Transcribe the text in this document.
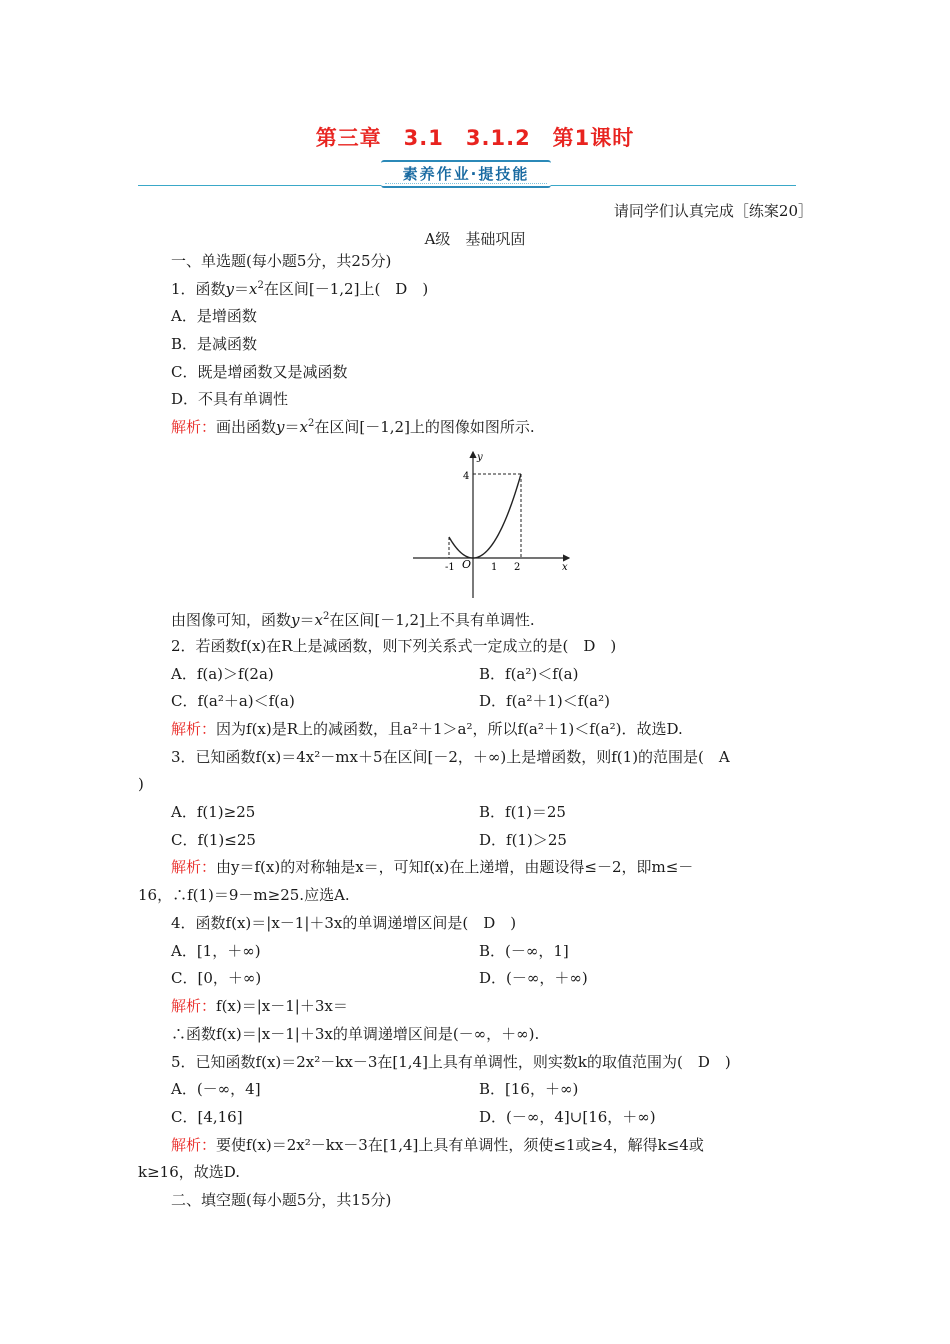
第三章　3.1　3.1.2　第1课时
素养作业·提技能
请同学们认真完成［练案20］
A级　基础巩固
一、单选题(每小题5分，共25分)
1．函数$y=x^2$在区间[－1,2]上(　D　)
A．是增函数
B．是减函数
C．既是增函数又是减函数
D．不具有单调性
解析：画出函数$y=x^2$在区间[－1,2]上的图像如图所示.
y
x
O
-1	1 2
4
由图像可知，函数$y=x^2$在区间[－1,2]上不具有单调性.
2．若函数f(x)在R上是减函数，则下列关系式一定成立的是(　D　)
A．f(a)＞f(2a)	B．f(a²)＜f(a)
C．f(a²＋a)＜f(a)	D．f(a²＋1)＜f(a²)
解析：因为f(x)是R上的减函数，且a²＋1＞a²，所以f(a²＋1)＜f(a²)．故选D.
3．已知函数f(x)＝4x²－mx＋5在区间[－2，＋∞)上是增函数，则f(1)的范围是(　A
)
A．f(1)≥25	B．f(1)＝25
C．f(1)≤25	D．f(1)＞25
解析：由y＝f(x)的对称轴是x＝，可知f(x)在上递增，由题设得≤－2，即m≤－
16，∴f(1)＝9－m≥25.应选A.
4．函数f(x)＝|x－1|＋3x的单调递增区间是(　D　)
A．[1，＋∞)	B．(－∞，1]
C．[0，＋∞)	D．(－∞，＋∞)
解析：f(x)＝|x－1|＋3x＝
∴函数f(x)＝|x－1|＋3x的单调递增区间是(－∞，＋∞).
5．已知函数f(x)＝2x²－kx－3在[1,4]上具有单调性，则实数k的取值范围为(　D　)
A．(－∞，4]	B．[16，＋∞)
C．[4,16]	D．(－∞，4]∪[16，＋∞)
解析：要使f(x)＝2x²－kx－3在[1,4]上具有单调性，须使≤1或≥4，解得k≤4或
k≥16，故选D.
二、填空题(每小题5分，共15分)
